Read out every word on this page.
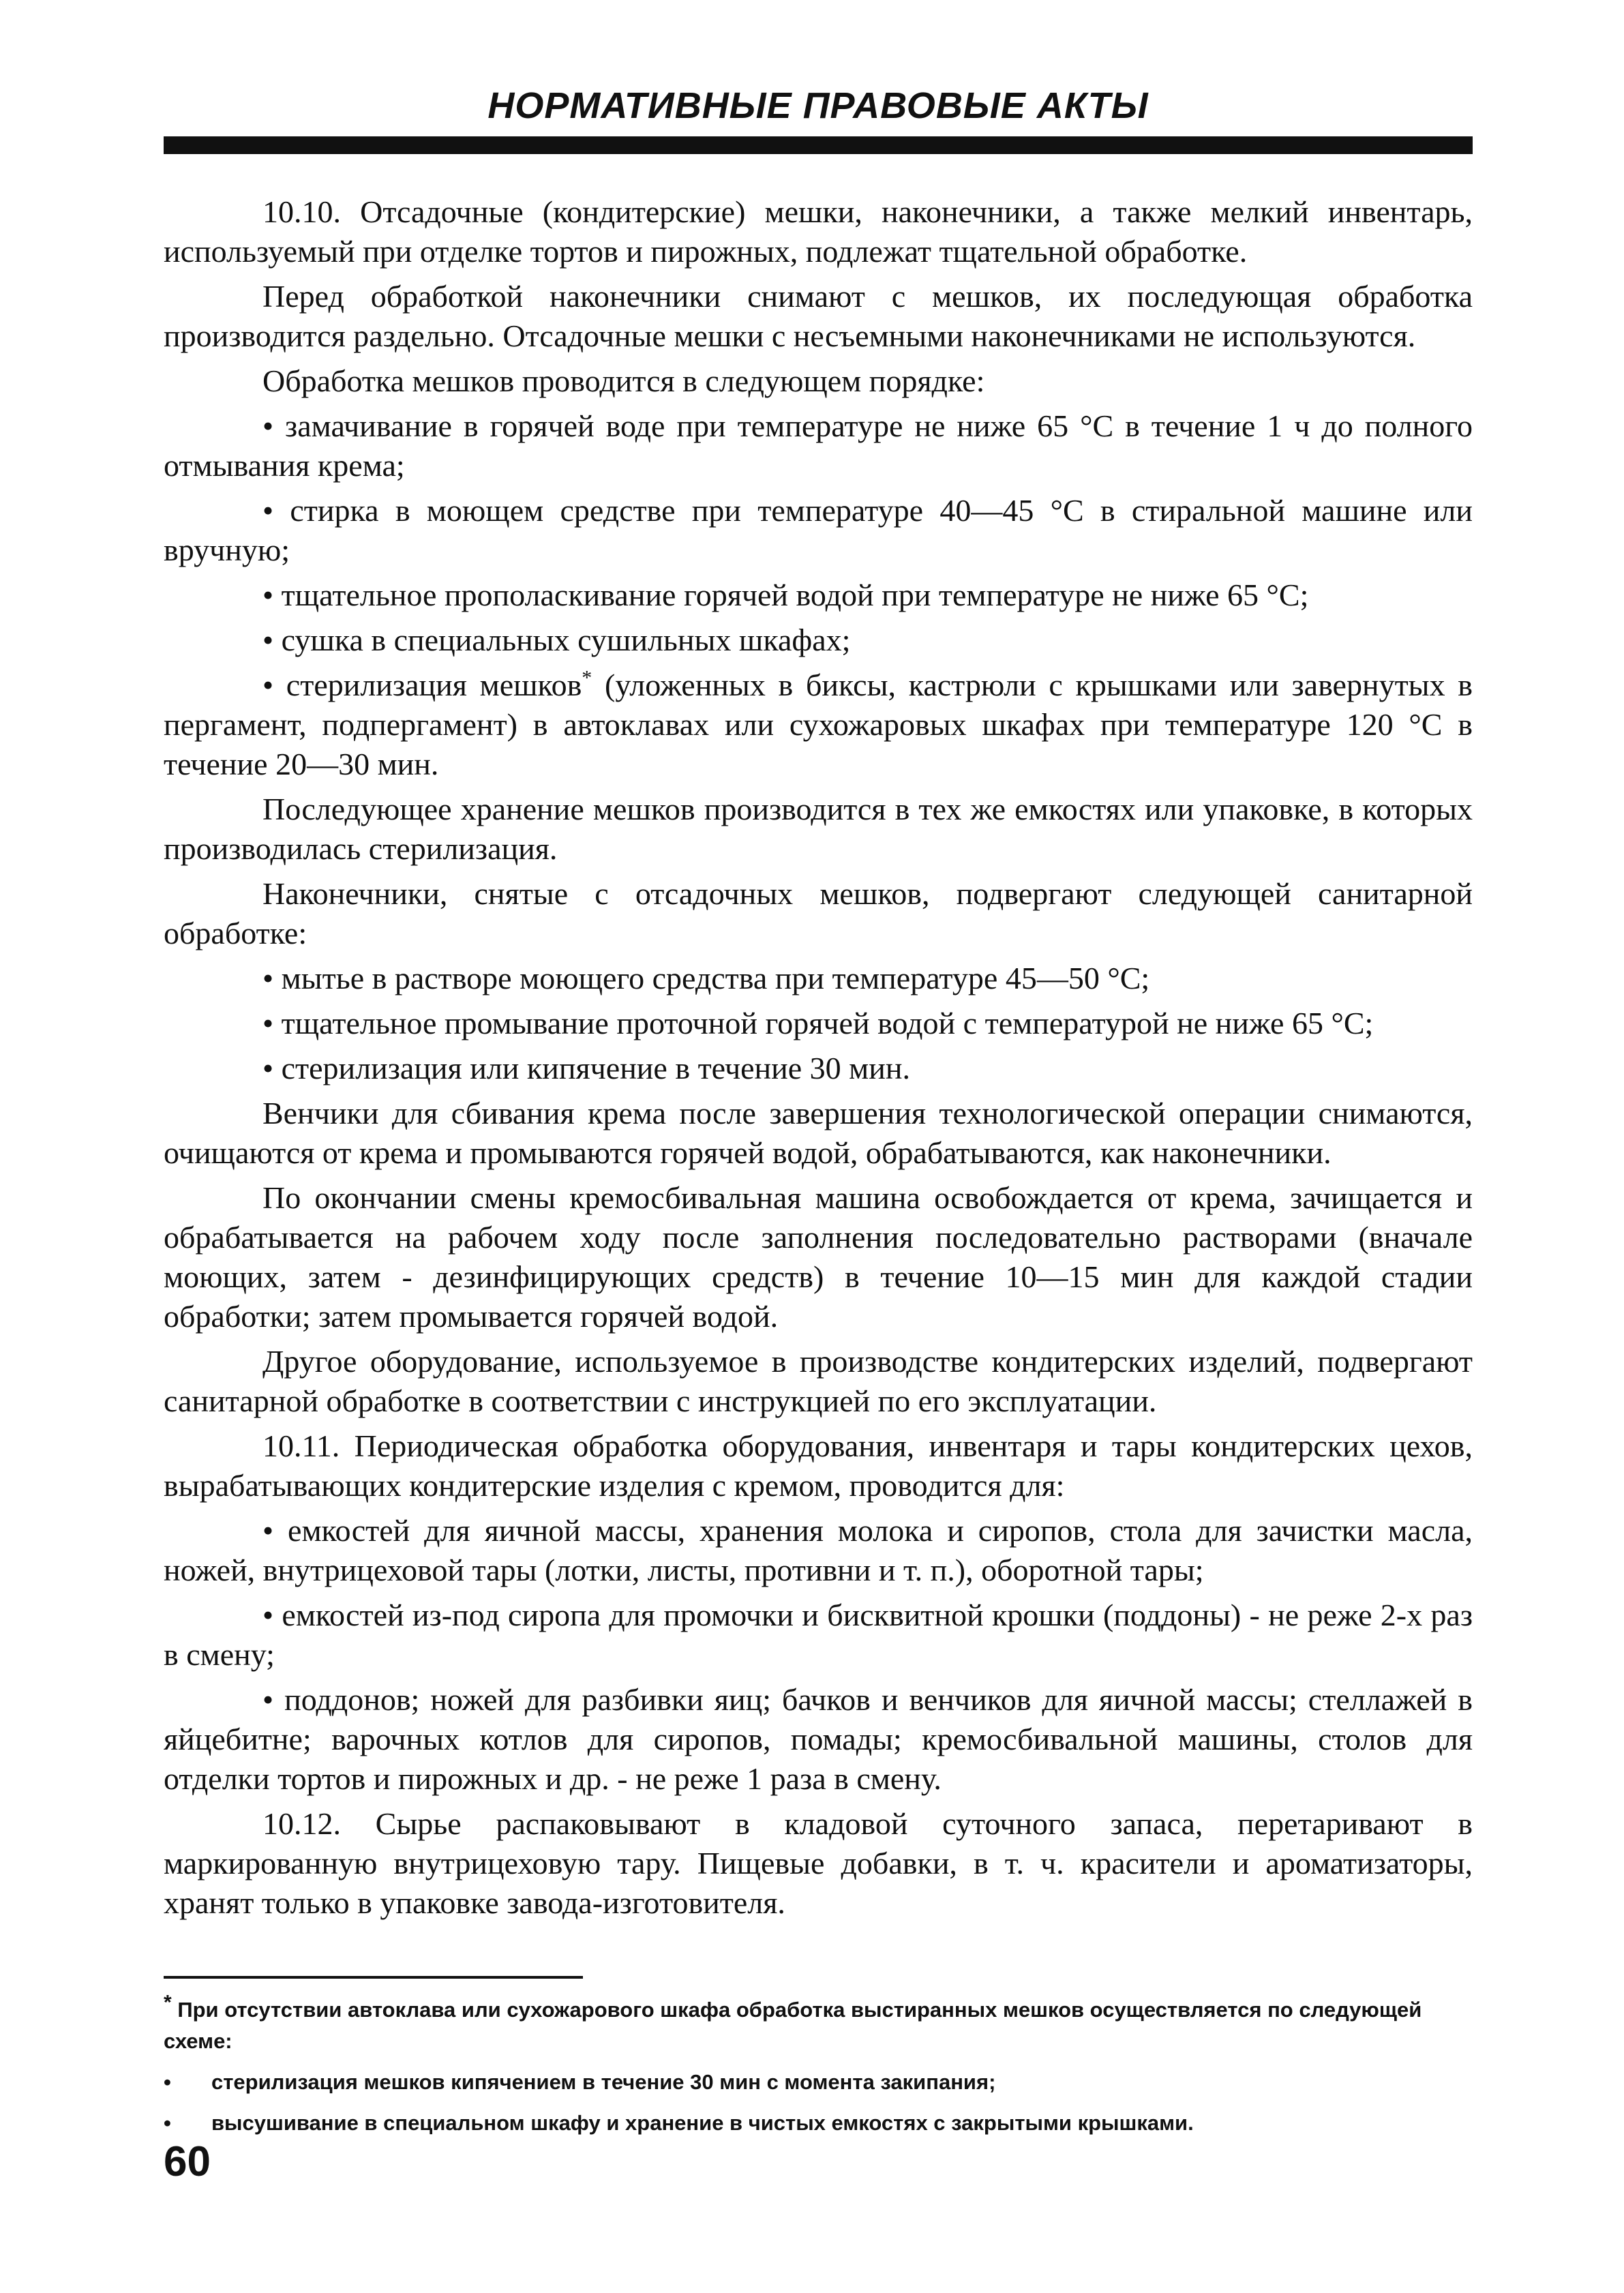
НОРМАТИВНЫЕ ПРАВОВЫЕ АКТЫ

10.10. Отсадочные (кондитерские) мешки, наконечники, а также мелкий инвентарь, используемый при отделке тортов и пирожных, подлежат тщательной обработке.

Перед обработкой наконечники снимают с мешков, их последующая обработка производится раздельно. Отсадочные мешки с несъемными наконечниками не используются.

Обработка мешков проводится в следующем порядке:

• замачивание в горячей воде при температуре не ниже 65 °С в течение 1 ч до полного отмывания крема;

• стирка в моющем средстве при температуре 40—45 °С в стиральной машине или вручную;

• тщательное прополаскивание горячей водой при температуре не ниже 65 °С;

• сушка в специальных сушильных шкафах;

• стерилизация мешков* (уложенных в биксы, кастрюли с крышками или завернутых в пергамент, подпергамент) в автоклавах или сухожаровых шкафах при температуре 120 °С в течение 20—30 мин.

Последующее хранение мешков производится в тех же емкостях или упаковке, в которых производилась стерилизация.

Наконечники, снятые с отсадочных мешков, подвергают следующей санитарной обработке:

• мытье в растворе моющего средства при температуре 45—50 °С;

• тщательное промывание проточной горячей водой с температурой не ниже 65 °С;

• стерилизация или кипячение в течение 30 мин.

Венчики для сбивания крема после завершения технологической операции снимаются, очищаются от крема и промываются горячей водой, обрабатываются, как наконечники.

По окончании смены кремосбивальная машина освобождается от крема, зачищается и обрабатывается на рабочем ходу после заполнения последовательно растворами (вначале моющих, затем - дезинфицирующих средств) в течение 10—15 мин для каждой стадии обработки; затем промывается горячей водой.

Другое оборудование, используемое в производстве кондитерских изделий, подвергают санитарной обработке в соответствии с инструкцией по его эксплуатации.

10.11. Периодическая обработка оборудования, инвентаря и тары кондитерских цехов, вырабатывающих кондитерские изделия с кремом, проводится для:

• емкостей для яичной массы, хранения молока и сиропов, стола для зачистки масла, ножей, внутрицеховой тары (лотки, листы, противни и т. п.), оборотной тары;

• емкостей из-под сиропа для промочки и бисквитной крошки (поддоны) - не реже 2-х раз в смену;

• поддонов; ножей для разбивки яиц; бачков и венчиков для яичной массы; стеллажей в яйцебитне; варочных котлов для сиропов, помады; кремосбивальной машины, столов для отделки тортов и пирожных и др. - не реже 1 раза в смену.

10.12. Сырье распаковывают в кладовой суточного запаса, перетаривают в маркированную внутрицеховую тару. Пищевые добавки, в т. ч. красители и ароматизаторы, хранят только в упаковке завода-изготовителя.

* При отсутствии автоклава или сухожарового шкафа обработка выстиранных мешков осуществляется по следующей схеме:

• стерилизация мешков кипячением в течение 30 мин с момента закипания;

• высушивание в специальном шкафу и хранение в чистых емкостях с закрытыми крышками.

60
